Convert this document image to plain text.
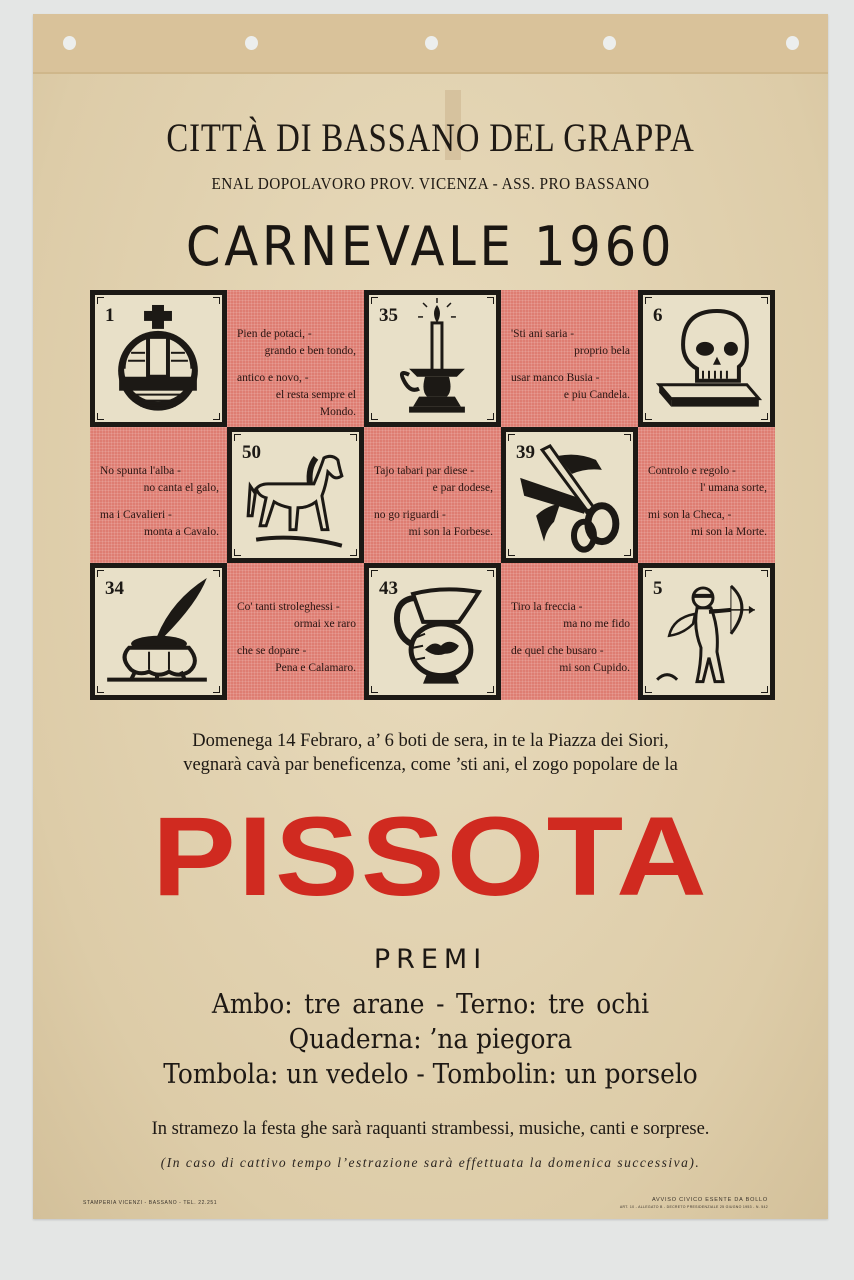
CITTÀ DI BASSANO DEL GRAPPA
ENAL DOPOLAVORO PROV. VICENZA - ASS. PRO BASSANO
CARNEVALE 1960
1
Pien de potaci, -
grando e ben tondo,
antico e novo, -
el resta sempre el Mondo.
35
'Sti ani saria -
proprio bela
usar manco Busia -
e piu Candela.
6
No spunta l'alba -
no canta el galo,
ma i Cavalieri -
monta a Cavalo.
50
Tajo tabari par diese -
e par dodese,
no go riguardi -
mi son la Forbese.
39
Controlo e regolo -
l' umana sorte,
mi son la Checa, -
mi son la Morte.
34
Co' tanti stroleghessi -
ormai xe raro
che se dopare -
Pena e Calamaro.
43
Tiro la freccia -
ma no me fido
de quel che busaro -
mi son Cupido.
5
Domenega 14 Febraro, a’ 6 boti de sera, in te la Piazza dei Siori,
vegnarà cavà par beneficenza, come ’sti ani, el zogo popolare de la
PISSOTA
PREMI
Ambo: tre arane - Terno: tre ochi
Quaderna: ’na piegora
Tombola: un vedelo - Tombolin: un porselo
In stramezo la festa ghe sarà raquanti strambessi, musiche, canti e sorprese.
(In caso di cattivo tempo l’estrazione sarà effettuata la domenica successiva).
STAMPERIA VICENZI - BASSANO - TEL. 22.251	AVVISO CIVICO ESENTE DA BOLLO
ART. 10 - ALLEGATO B - DECRETO PRESIDENZIALE 25 GIUGNO 1953 - N. 542
